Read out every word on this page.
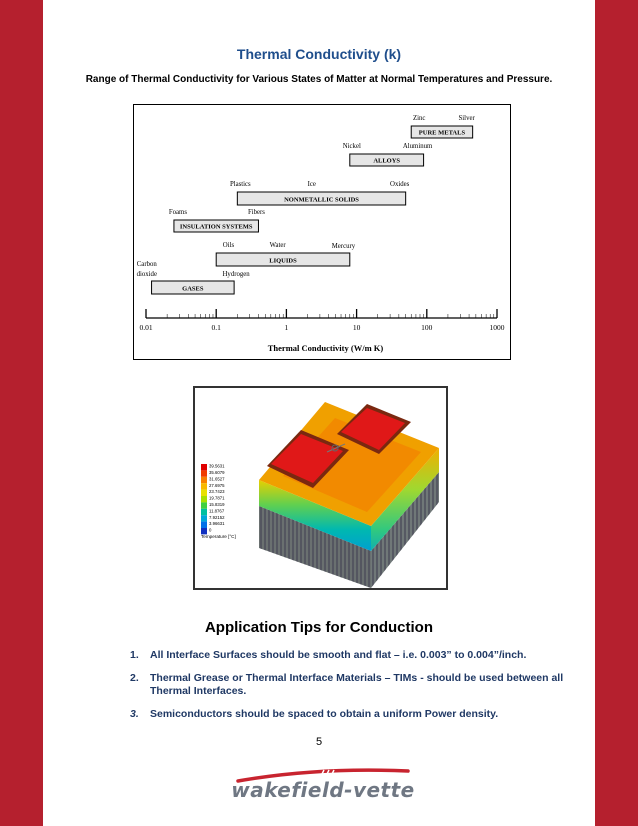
Thermal Conductivity (k)
Range of Thermal Conductivity for Various States of Matter at Normal Temperatures and Pressure.
0.01	0.1	1	10	100	1000
Thermal Conductivity (W/m K)
PURE METALS
Zinc	Silver
ALLOYS
Nickel	Aluminum
NONMETALLIC SOLIDS
Plastics	Ice	Oxides
INSULATION SYSTEMS
Foams	Fibers
LIQUIDS
Oils	Water	Mercury
GASES
Carbon
dioxide	Hydrogen
39.5631
35.6079
31.6527
27.6975
23.7423
19.7871
15.8319
11.8767
7.92152
3.96631
0
Temperature [°C]
Application Tips for Conduction
1. All Interface Surfaces should be smooth and flat – i.e. 0.003” to 0.004”/inch.
2. Thermal Grease or Thermal Interface Materials – TIMs - should be used between all Thermal Interfaces.
3. Semiconductors should be spaced to obtain a uniform Power density.
5
wakefield-vette
